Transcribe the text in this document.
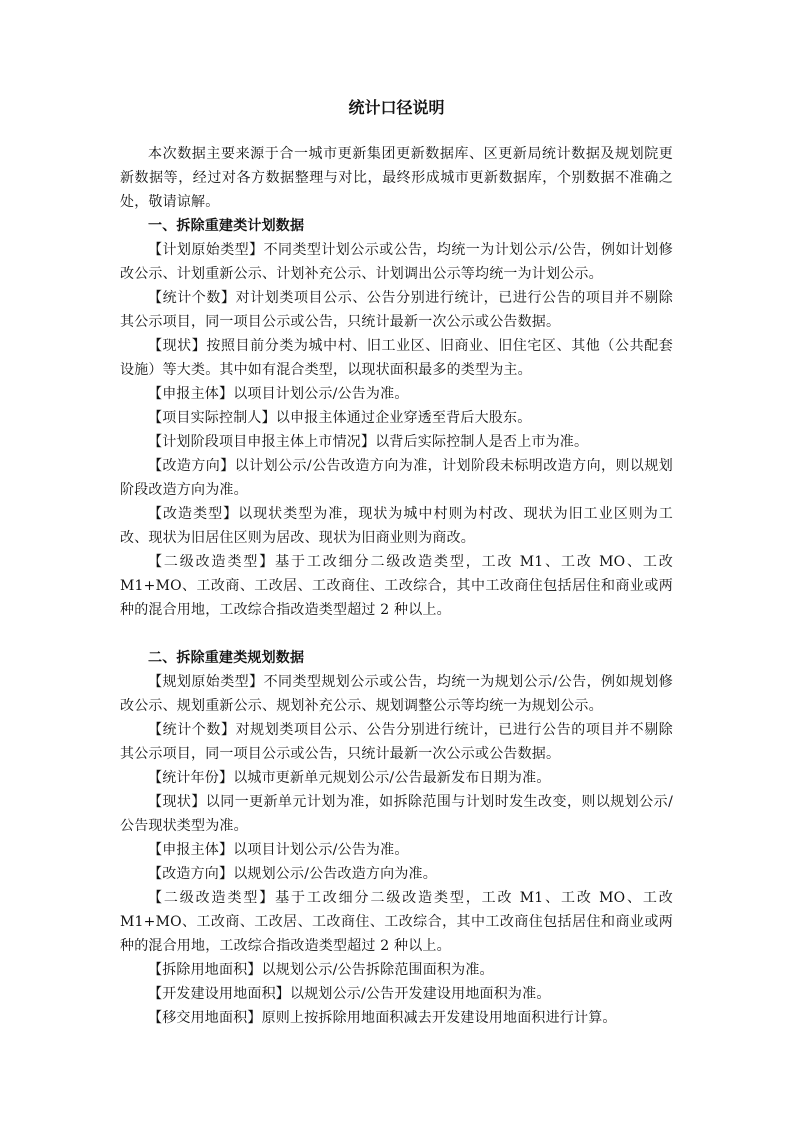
统计口径说明

本次数据主要来源于合一城市更新集团更新数据库、区更新局统计数据及规划院更新数据等，经过对各方数据整理与对比，最终形成城市更新数据库，个别数据不准确之处，敬请谅解。

一、拆除重建类计划数据

【计划原始类型】不同类型计划公示或公告，均统一为计划公示/公告，例如计划修改公示、计划重新公示、计划补充公示、计划调出公示等均统一为计划公示。

【统计个数】对计划类项目公示、公告分别进行统计，已进行公告的项目并不剔除其公示项目，同一项目公示或公告，只统计最新一次公示或公告数据。

【现状】按照目前分类为城中村、旧工业区、旧商业、旧住宅区、其他（公共配套设施）等大类。其中如有混合类型，以现状面积最多的类型为主。

【申报主体】以项目计划公示/公告为准。

【项目实际控制人】以申报主体通过企业穿透至背后大股东。

【计划阶段项目申报主体上市情况】以背后实际控制人是否上市为准。

【改造方向】以计划公示/公告改造方向为准，计划阶段未标明改造方向，则以规划阶段改造方向为准。

【改造类型】以现状类型为准，现状为城中村则为村改、现状为旧工业区则为工改、现状为旧居住区则为居改、现状为旧商业则为商改。

【二级改造类型】基于工改细分二级改造类型，工改 M1、工改 MO、工改 M1+MO、工改商、工改居、工改商住、工改综合，其中工改商住包括居住和商业或两种的混合用地，工改综合指改造类型超过 2 种以上。

二、拆除重建类规划数据

【规划原始类型】不同类型规划公示或公告，均统一为规划公示/公告，例如规划修改公示、规划重新公示、规划补充公示、规划调整公示等均统一为规划公示。

【统计个数】对规划类项目公示、公告分别进行统计，已进行公告的项目并不剔除其公示项目，同一项目公示或公告，只统计最新一次公示或公告数据。

【统计年份】以城市更新单元规划公示/公告最新发布日期为准。

【现状】以同一更新单元计划为准，如拆除范围与计划时发生改变，则以规划公示/公告现状类型为准。

【申报主体】以项目计划公示/公告为准。

【改造方向】以规划公示/公告改造方向为准。

【二级改造类型】基于工改细分二级改造类型，工改 M1、工改 MO、工改 M1+MO、工改商、工改居、工改商住、工改综合，其中工改商住包括居住和商业或两种的混合用地，工改综合指改造类型超过 2 种以上。

【拆除用地面积】以规划公示/公告拆除范围面积为准。

【开发建设用地面积】以规划公示/公告开发建设用地面积为准。

【移交用地面积】原则上按拆除用地面积减去开发建设用地面积进行计算。
